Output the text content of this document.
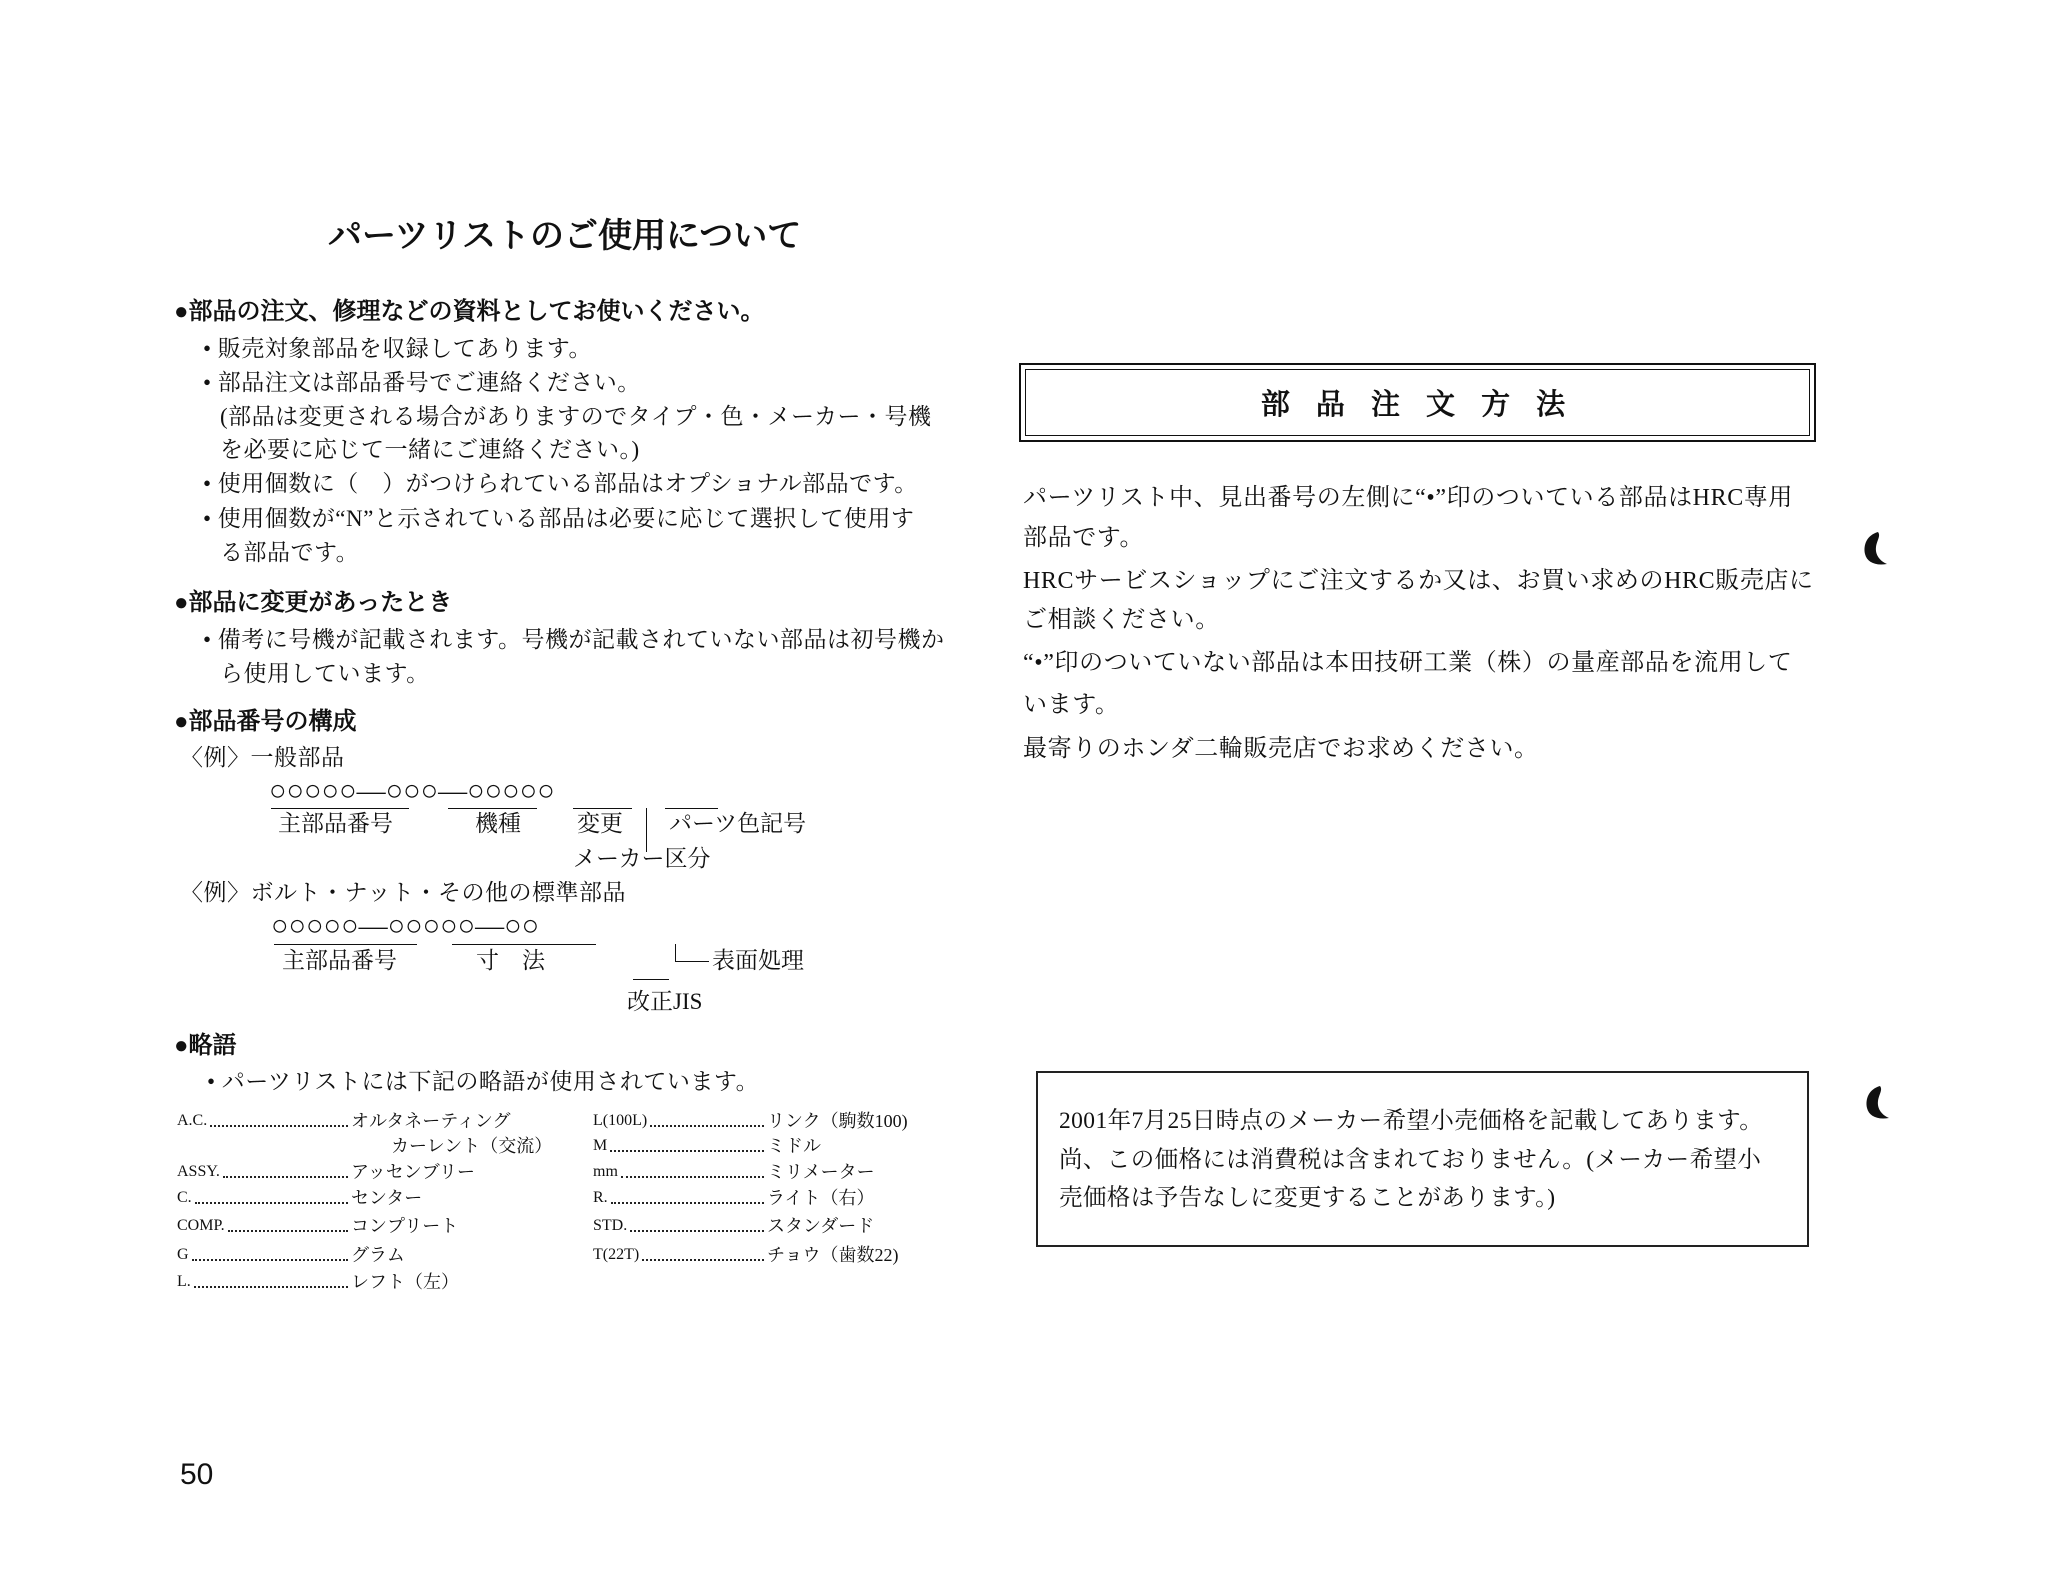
パーツリストのご使用について
●部品の注文、修理などの資料としてお使いください。
• 販売対象部品を収録してあります。
• 部品注文は部品番号でご連絡ください。
(部品は変更される場合がありますのでタイプ・色・メーカー・号機
を必要に応じて一緒にご連絡ください。)
• 使用個数に（　）がつけられている部品はオプショナル部品です。
• 使用個数が“N”と示されている部品は必要に応じて選択して使用す
る部品です。
●部品に変更があったとき
• 備考に号機が記載されます。号機が記載されていない部品は初号機か
ら使用しています。
●部品番号の構成
〈例〉一般部品
○○○○○—○○○—○○○○○
主部品番号	機種 変更 パーツ色記号
メーカー区分
〈例〉ボルト・ナット・その他の標準部品
○○○○○—○○○○○—○○
主部品番号	寸　法	表面処理
改正JIS
●略語
• パーツリストには下記の略語が使用されています。
A.C.	オルタネーティング
カーレント（交流）
ASSY.	アッセンブリー
C.	センター
COMP.	コンプリート
G	グラム
L.	レフト（左）
L(100L)	リンク（駒数100)
M	ミドル
mm	ミリメーター
R.	ライト（右）
STD.	スタンダード
T(22T)	チョウ（歯数22)
部 品 注 文 方 法
パーツリスト中、見出番号の左側に“•”印のついている部品はHRC専用
部品です。
HRCサービスショップにご注文するか又は、お買い求めのHRC販売店に
ご相談ください。
“•”印のついていない部品は本田技研工業（株）の量産部品を流用して
います。
最寄りのホンダ二輪販売店でお求めください。
2001年7月25日時点のメーカー希望小売価格を記載してあります。
尚、この価格には消費税は含まれておりません。(メーカー希望小
売価格は予告なしに変更することがあります。)
50
